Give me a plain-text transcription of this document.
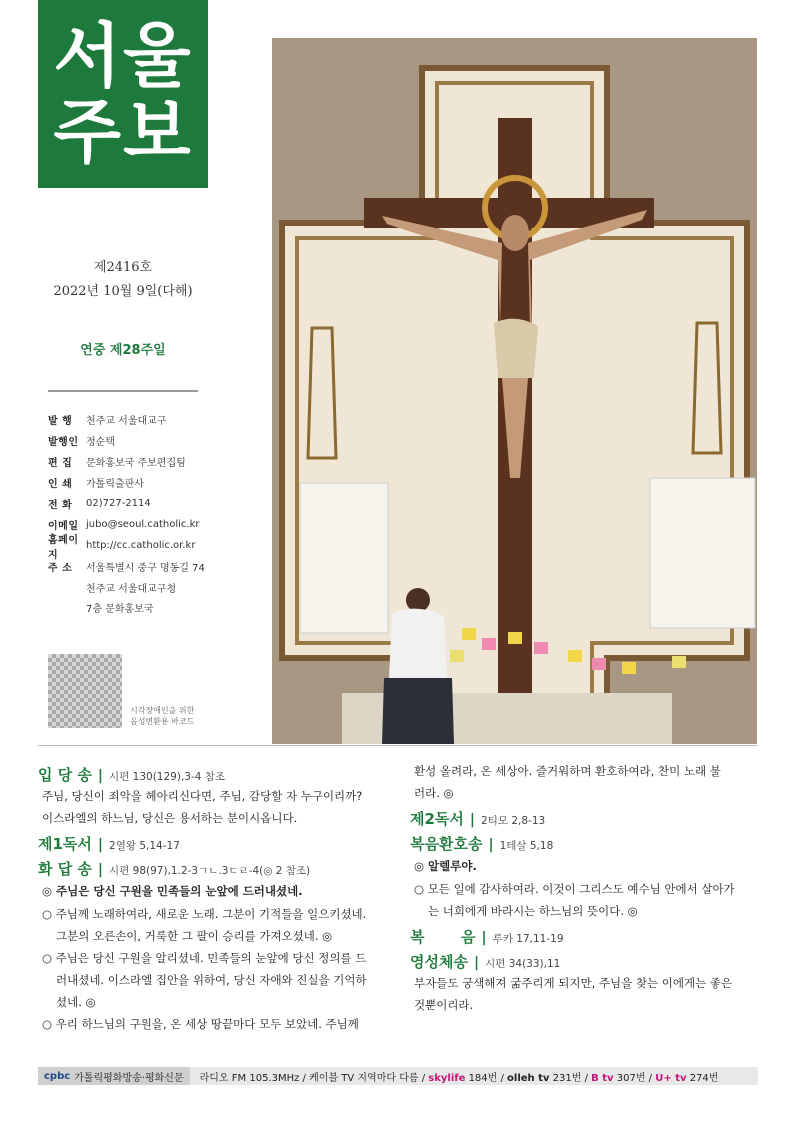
서울
주보
제2416호
2022년 10월 9일(다해)
연중 제28주일
발 행	천주교 서울대교구
발행인 정순택
편 집	문화홍보국 주보편집팀
인 쇄	가톨릭출판사
전 화	02)727-2114
이메일 jubo@seoul.catholic.kr
홈페이지
http://cc.catholic.or.kr
주 소	서울특별시 중구 명동길 74
천주교 서울대교구청
7층 문화홍보국
시각장애인을 위한
음성변환용 바코드
입 당 송 | 시편 130(129),3-4 참조
주님, 당신이 죄악을 헤아리신다면, 주님, 감당할 자 누구이리까?
이스라엘의 하느님, 당신은 용서하는 분이시옵니다.
제1독서 | 2열왕 5,14-17
화 답 송 | 시편 98(97),1.2-3ㄱㄴ.3ㄷㄹ-4(◎ 2 참조)
◎ 주님은 당신 구원을 민족들의 눈앞에 드러내셨네.
○ 주님께 노래하여라, 새로운 노래. 그분이 기적들을 일으키셨네.
그분의 오른손이, 거룩한 그 팔이 승리를 가져오셨네. ◎
○ 주님은 당신 구원을 알리셨네. 민족들의 눈앞에 당신 정의를 드
러내셨네. 이스라엘 집안을 위하여, 당신 자애와 진실을 기억하
셨네. ◎
○ 우리 하느님의 구원을, 온 세상 땅끝마다 모두 보았네. 주님께
환성 올려라, 온 세상아. 즐거워하며 환호하여라, 찬미 노래 불
러라. ◎
제2독서 | 2티모 2,8-13
복음환호송 | 1테살 5,18
◎ 알렐루야.
○ 모든 일에 감사하여라. 이것이 그리스도 예수님 안에서 살아가
는 너희에게 바라시는 하느님의 뜻이다. ◎
복       음 | 루카 17,11-19
영성체송 | 시편 34(33),11
부자들도 궁색해져 굶주리게 되지만, 주님을 찾는 이에게는 좋은
것뿐이리라.
cpbc 가톨릭평화방송·평화신문	라디오 FM 105.3MHz / 케이블 TV 지역마다 다름 / skylife 184번 / olleh tv 231번 / B tv 307번 / U+ tv 274번
